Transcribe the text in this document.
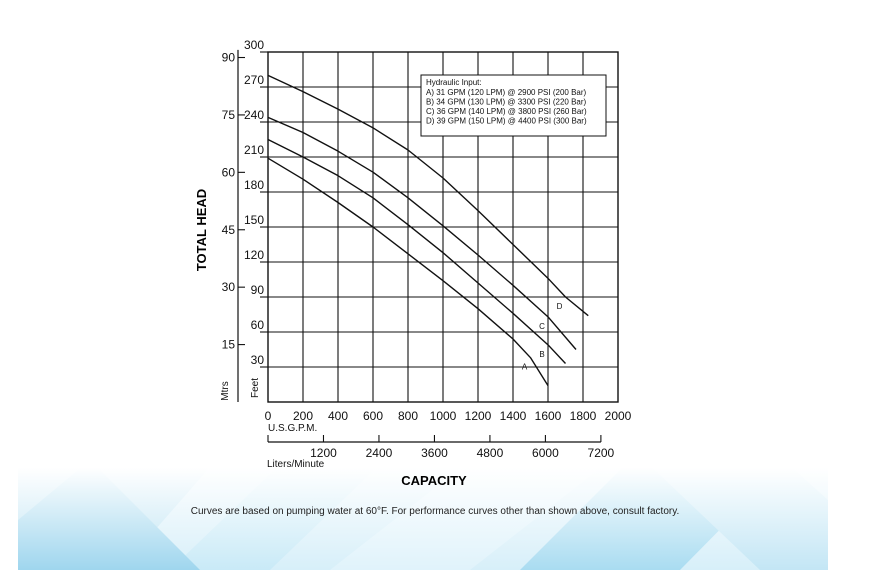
30
60
90
120
150
180
210
240
270
300
15
30
45
60
75
90
0 200 400 600 800 1000 1200 1400 1600 1800 2000
1200 2400 3600 4800 6000 7200
A
B
C
D
Hydraulic Input:
A) 31 GPM (120 LPM) @ 2900 PSI (200 Bar)
B) 34 GPM (130 LPM) @ 3300 PSI (220 Bar)
C) 36 GPM (140 LPM) @ 3800 PSI (260 Bar)
D) 39 GPM (150 LPM) @ 4400 PSI (300 Bar)
TOTAL HEAD
CAPACITY
Feet
Mtrs
U.S.G.P.M.
Liters/Minute
Curves are based on pumping water at 60°F. For performance curves other than shown above, consult factory.
